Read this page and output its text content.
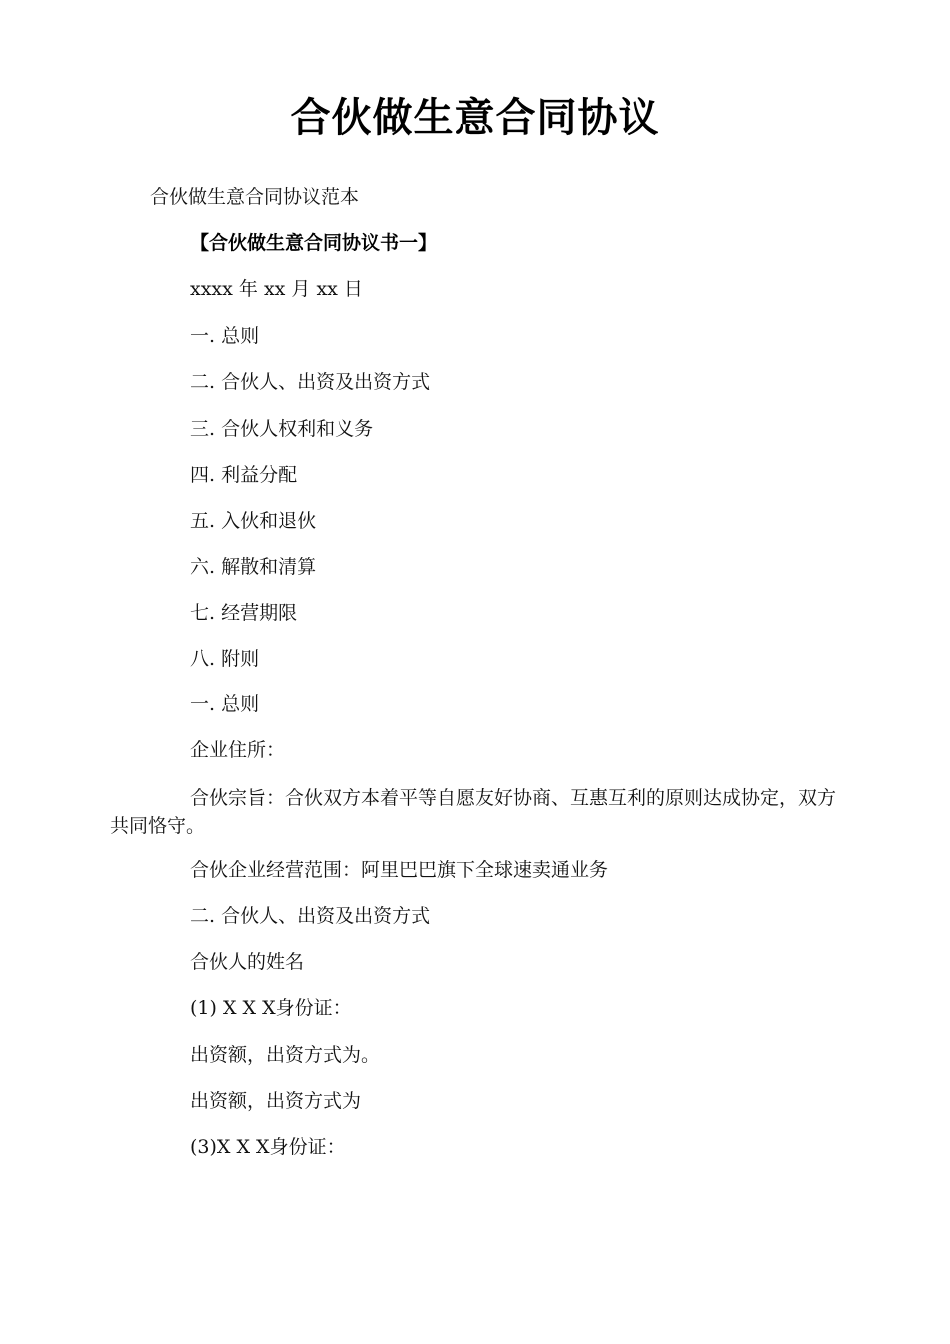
合伙做生意合同协议
合伙做生意合同协议范本
【合伙做生意合同协议书一】
xxxx 年 xx 月 xx 日
一. 总则
二. 合伙人、出资及出资方式
三. 合伙人权利和义务
四. 利益分配
五. 入伙和退伙
六. 解散和清算
七. 经营期限
八. 附则
一. 总则
企业住所：
合伙宗旨：合伙双方本着平等自愿友好协商、互惠互利的原则达成协定，双方共同恪守。
合伙企业经营范围：阿里巴巴旗下全球速卖通业务
二. 合伙人、出资及出资方式
合伙人的姓名
(1) X X X身份证：
出资额，出资方式为。
出资额，出资方式为
(3)X X X身份证：
